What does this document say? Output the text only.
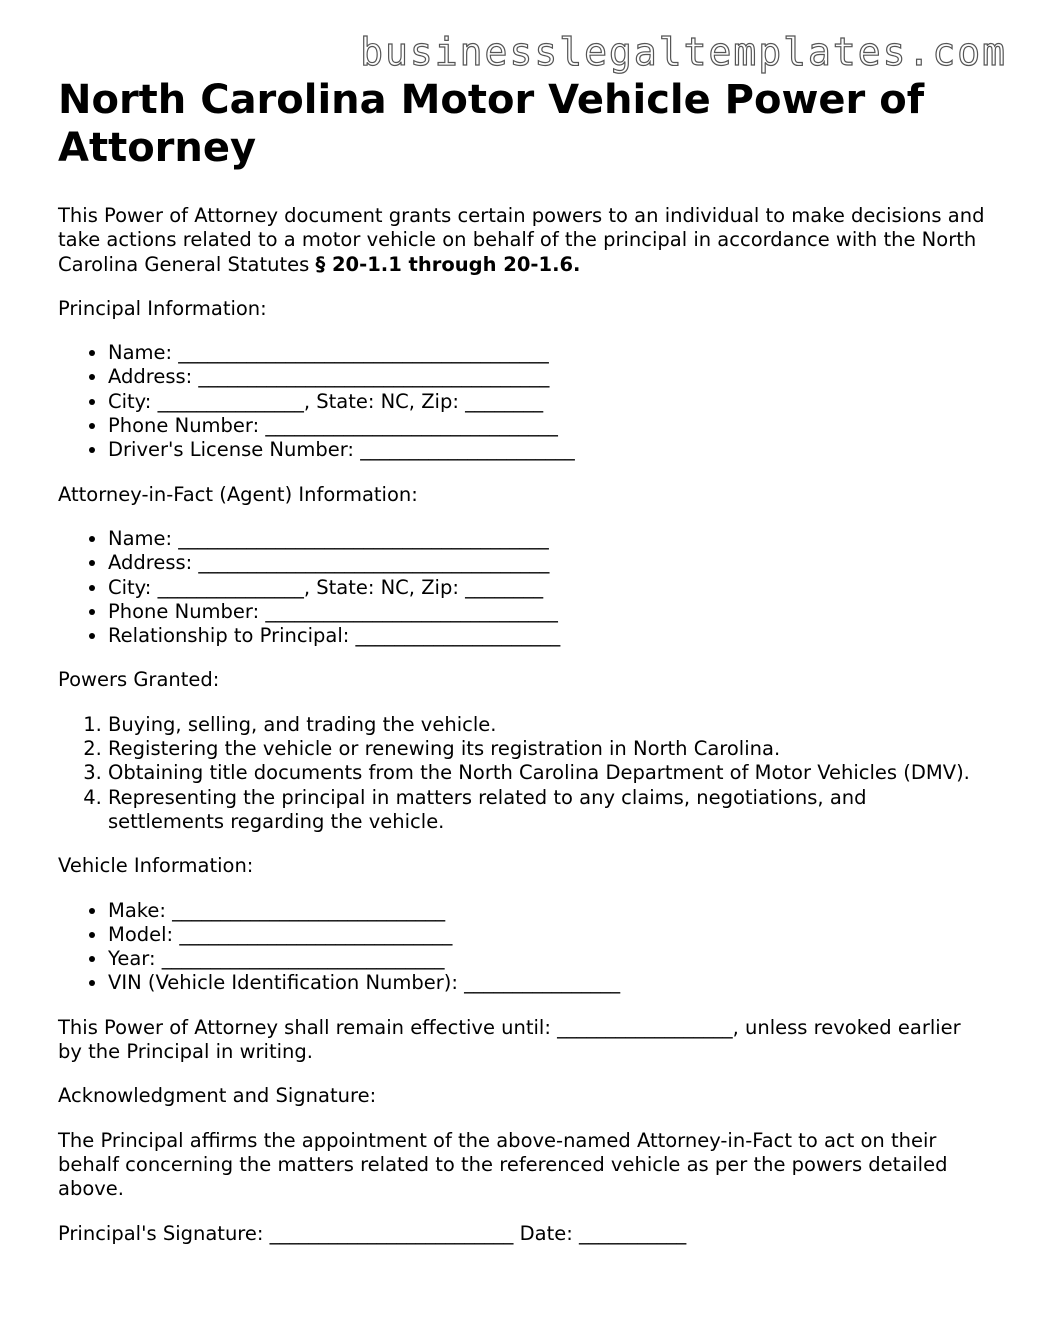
businesslegaltemplates.com
North Carolina Motor Vehicle Power of Attorney

This Power of Attorney document grants certain powers to an individual to make decisions and take actions related to a motor vehicle on behalf of the principal in accordance with the North Carolina General Statutes § 20-1.1 through 20-1.6.

Principal Information:

• Name: ______________________________________
• Address: ____________________________________
• City: _______________, State: NC, Zip: ________
• Phone Number: ______________________________
• Driver's License Number: ______________________

Attorney-in-Fact (Agent) Information:

• Name: ______________________________________
• Address: ____________________________________
• City: _______________, State: NC, Zip: ________
• Phone Number: ______________________________
• Relationship to Principal: _____________________

Powers Granted:

1. Buying, selling, and trading the vehicle.
2. Registering the vehicle or renewing its registration in North Carolina.
3. Obtaining title documents from the North Carolina Department of Motor Vehicles (DMV).
4. Representing the principal in matters related to any claims, negotiations, and settlements regarding the vehicle.

Vehicle Information:

• Make: ____________________________
• Model: ____________________________
• Year: _____________________________
• VIN (Vehicle Identification Number): ________________

This Power of Attorney shall remain effective until: __________________, unless revoked earlier by the Principal in writing.

Acknowledgment and Signature:

The Principal affirms the appointment of the above-named Attorney-in-Fact to act on their behalf concerning the matters related to the referenced vehicle as per the powers detailed above.

Principal's Signature: _________________________ Date: ___________
